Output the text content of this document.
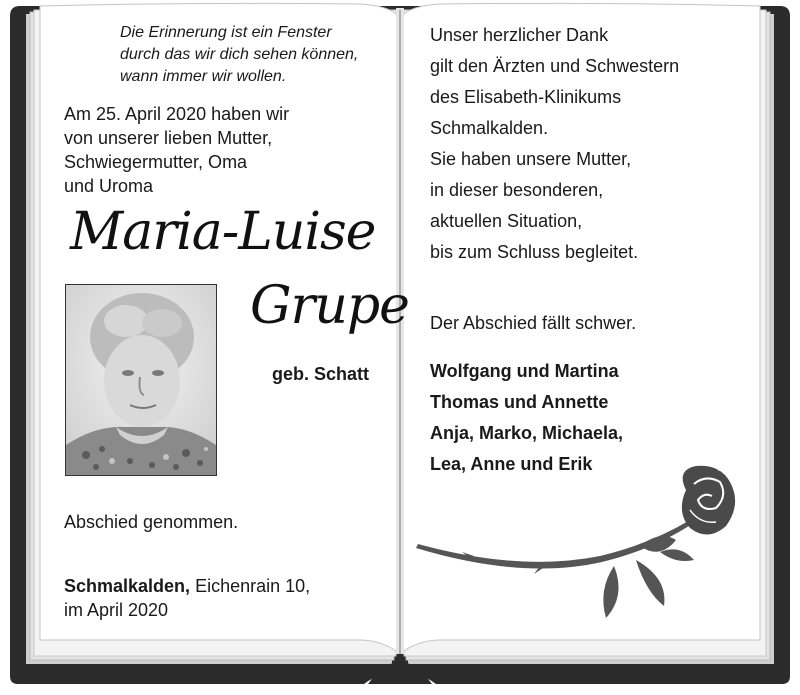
Die Erinnerung ist ein Fenster
durch das wir dich sehen können,
wann immer wir wollen.
Am 25. April 2020 haben wir
von unserer lieben Mutter,
Schwiegermutter, Oma
und Uroma
Maria-Luise
Grupe
geb. Schatt
Abschied genommen.
Schmalkalden, Eichenrain 10,
im April 2020
Unser herzlicher Dank
gilt den Ärzten und Schwestern
des Elisabeth-Klinikums
Schmalkalden.
Sie haben unsere Mutter,
in dieser besonderen,
aktuellen Situation,
bis zum Schluss begleitet.
Der Abschied fällt schwer.
Wolfgang und Martina
Thomas und Annette
Anja, Marko, Michaela,
Lea, Anne und Erik
